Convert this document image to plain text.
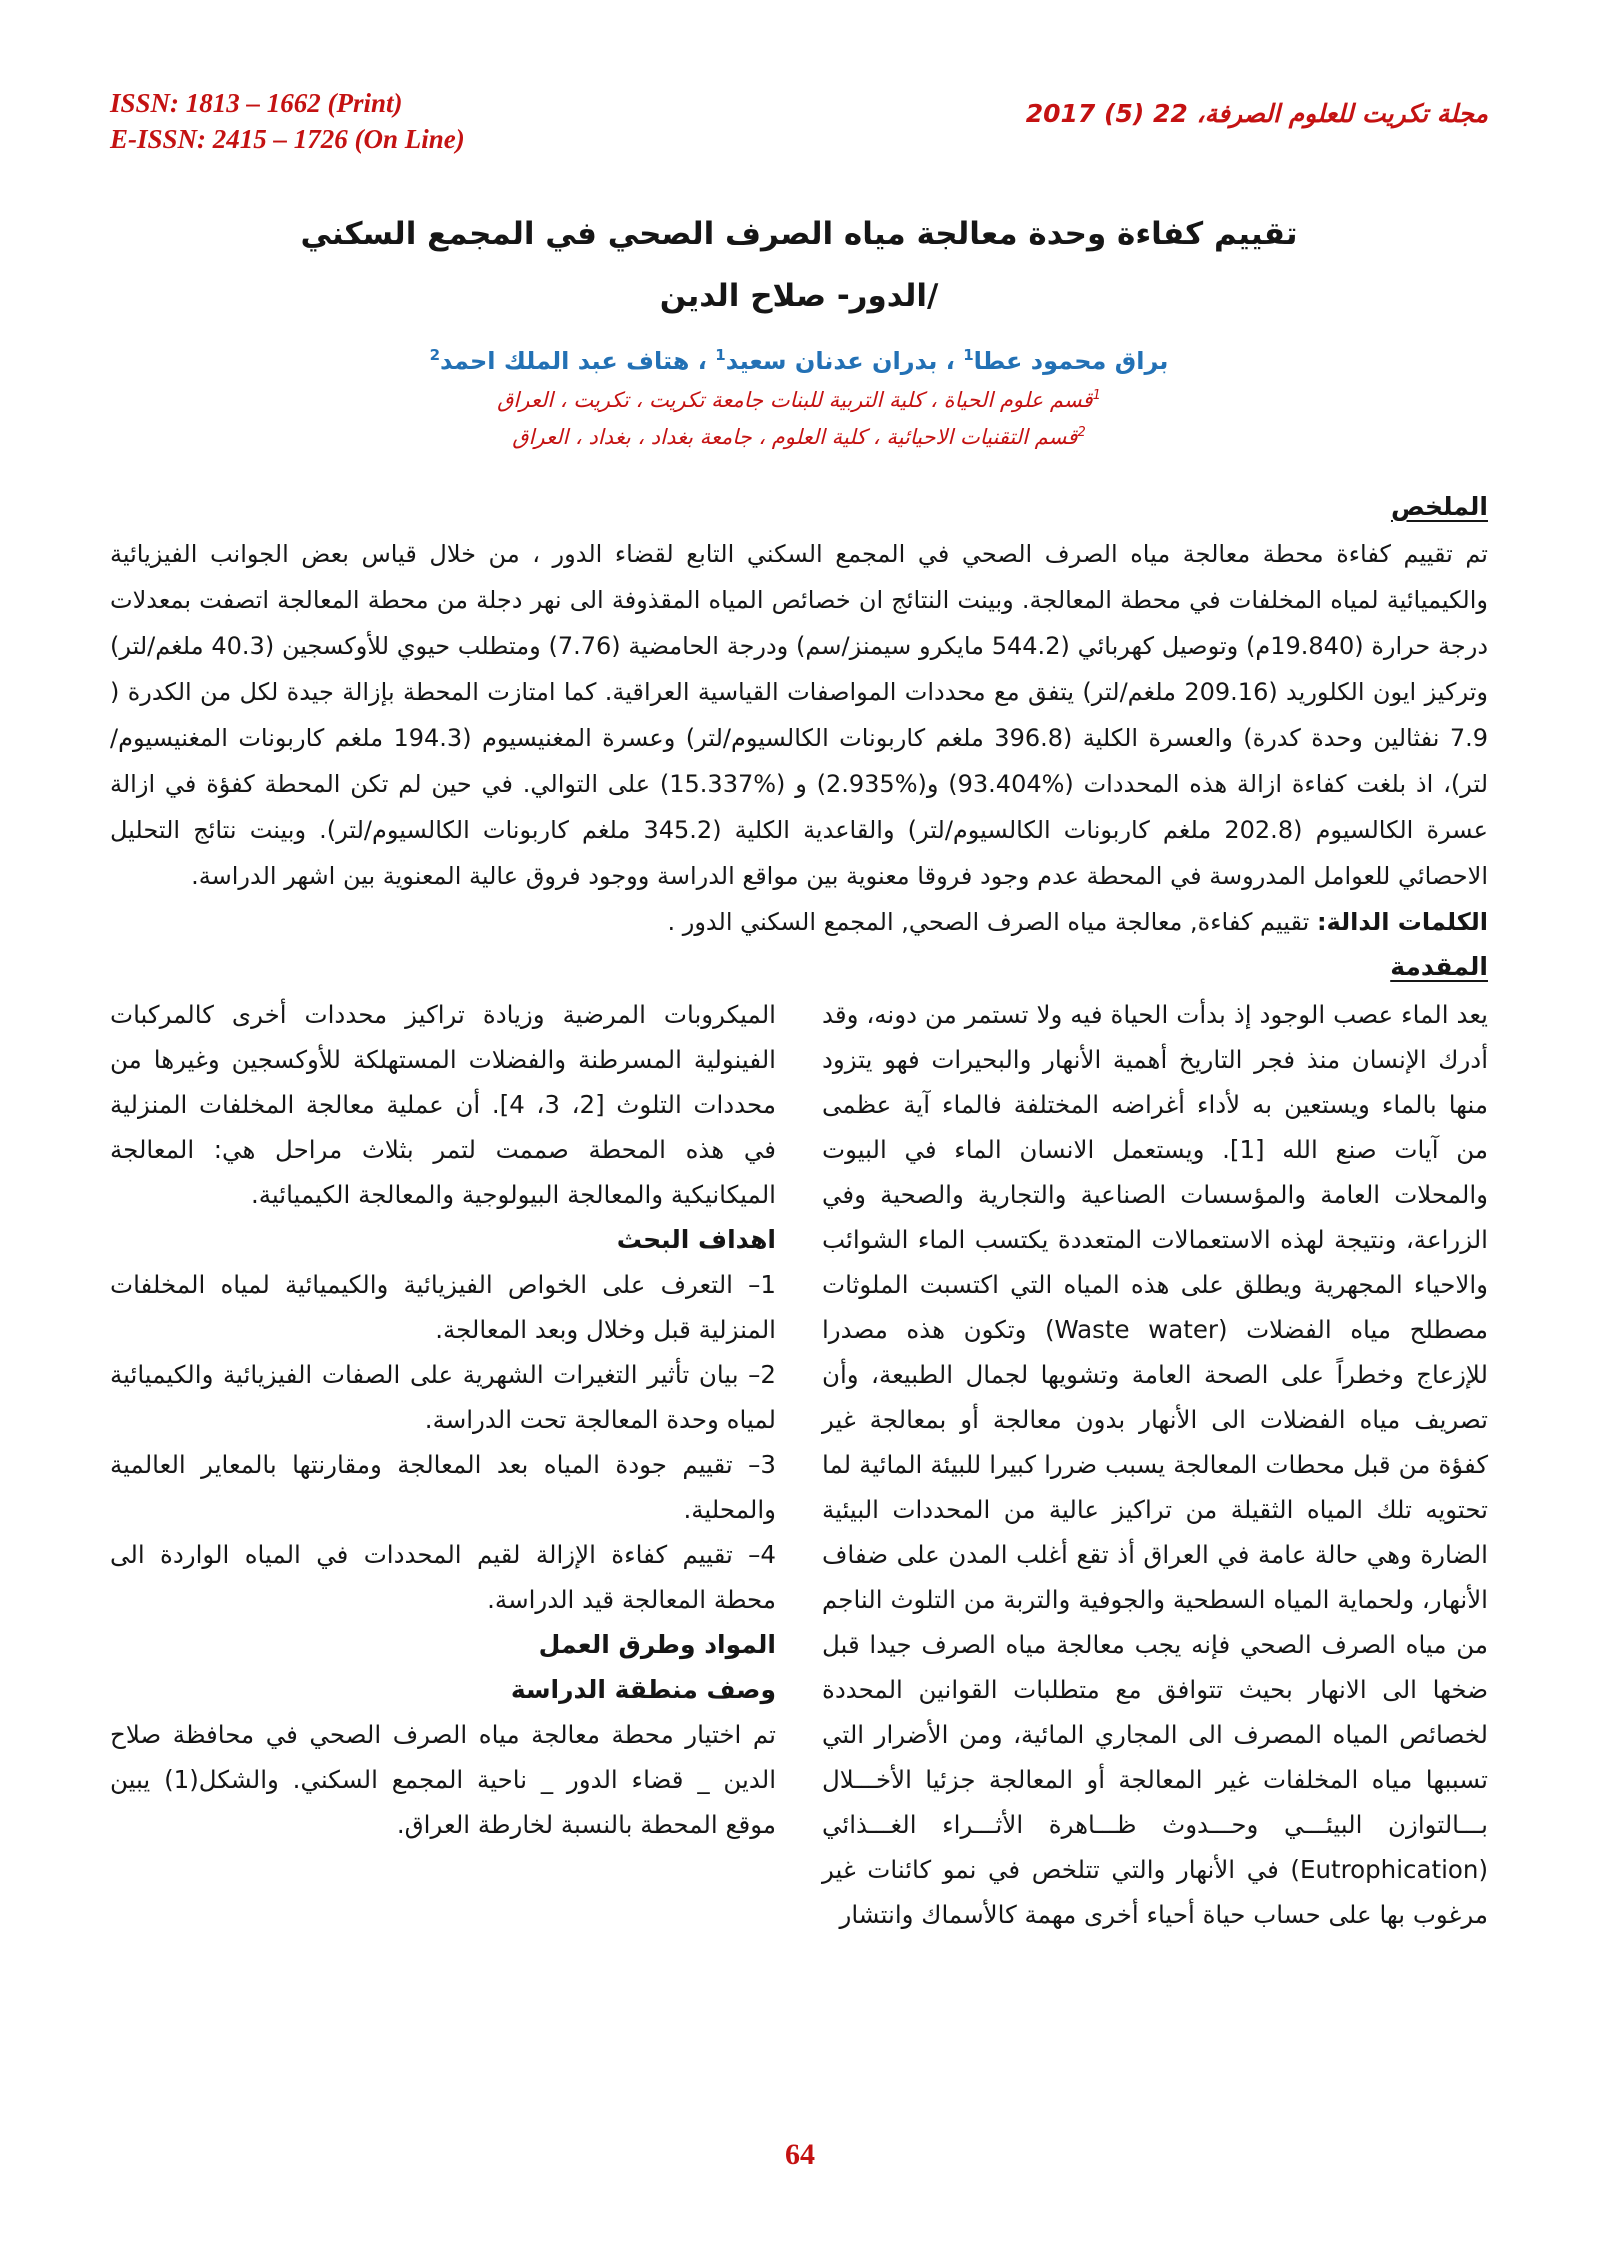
ISSN: 1813 – 1662 (Print)
E-ISSN: 2415 – 1726 (On Line)
مجلة تكريت للعلوم الصرفة، 22 (5) 2017
تقييم كفاءة وحدة معالجة مياه الصرف الصحي في المجمع السكني
/الدور- صلاح الدين
براق محمود عطا$^1$ ، بدران عدنان سعيد$^1$ ، هتاف عبد الملك احمد$^2$
$^1$قسم علوم الحياة ، كلية التربية للبنات جامعة تكريت ، تكريت ، العراق
$^2$قسم التقنيات الاحيائية ، كلية العلوم ، جامعة بغداد ، بغداد ، العراق
الملخص
تم تقييم كفاءة محطة معالجة مياه الصرف الصحي في المجمع السكني التابع لقضاء الدور ، من خلال قياس بعض الجوانب الفيزيائية والكيميائية لمياه المخلفات في محطة المعالجة. وبينت النتائج ان خصائص المياه المقذوفة الى نهر دجلة من محطة المعالجة اتصفت بمعدلات درجة حرارة (19.840م) وتوصيل كهربائي (544.2 مايكرو سيمنز/سم) ودرجة الحامضية (7.76) ومتطلب حيوي للأوكسجين (40.3 ملغم/لتر) وتركيز ايون الكلوريد (209.16 ملغم/لتر) يتفق مع محددات المواصفات القياسية العراقية. كما امتازت المحطة بإزالة جيدة لكل من الكدرة ( 7.9 نفثالين وحدة كدرة) والعسرة الكلية (396.8 ملغم كاربونات الكالسيوم/لتر) وعسرة المغنيسيوم (194.3 ملغم كاربونات المغنيسيوم/لتر)، اذ بلغت كفاءة ازالة هذه المحددات (%93.404) و(%2.935) و (%15.337) على التوالي. في حين لم تكن المحطة كفؤة في ازالة عسرة الكالسيوم (202.8 ملغم كاربونات الكالسيوم/لتر) والقاعدية الكلية (345.2 ملغم كاربونات الكالسيوم/لتر). وبينت نتائج التحليل الاحصائي للعوامل المدروسة في المحطة عدم وجود فروقا معنوية بين مواقع الدراسة ووجود فروق عالية المعنوية بين اشهر الدراسة.
الكلمات الدالة: تقييم كفاءة, معالجة مياه الصرف الصحي, المجمع السكني الدور .
المقدمة

يعد الماء عصب الوجود إذ بدأت الحياة فيه ولا تستمر من دونه، وقد أدرك الإنسان منذ فجر التاريخ أهمية الأنهار والبحيرات فهو يتزود منها بالماء ويستعين به لأداء أغراضه المختلفة فالماء آية عظمى من آيات صنع الله [1]. ويستعمل الانسان الماء في البيوت والمحلات العامة والمؤسسات الصناعية والتجارية والصحية وفي الزراعة، ونتيجة لهذه الاستعمالات المتعددة يكتسب الماء الشوائب والاحياء المجهرية ويطلق على هذه المياه التي اكتسبت الملوثات مصطلح مياه الفضلات (Waste water) وتكون هذه مصدرا للإزعاج وخطراً على الصحة العامة وتشويها لجمال الطبيعة، وأن تصريف مياه الفضلات الى الأنهار بدون معالجة أو بمعالجة غير كفؤة من قبل محطات المعالجة يسبب ضررا كبيرا للبيئة المائية لما تحتويه تلك المياه الثقيلة من تراكيز عالية من المحددات البيئية الضارة وهي حالة عامة في العراق أذ تقع أغلب المدن على ضفاف الأنهار، ولحماية المياه السطحية والجوفية والتربة من التلوث الناجم من مياه الصرف الصحي فإنه يجب معالجة مياه الصرف جيدا قبل ضخها الى الانهار بحيث تتوافق مع متطلبات القوانين المحددة لخصائص المياه المصرف الى المجاري المائية، ومن الأضرار التي تسببها مياه المخلفات غير المعالجة أو المعالجة جزئيا الأخـــلال بـــالتوازن البيئـــي وحـــدوث ظـــاهرة الأثـــراء الغـــذائي (Eutrophication) في الأنهار والتي تتلخص في نمو كائنات غير مرغوب بها على حساب حياة أحياء أخرى مهمة كالأسماك وانتشار

الميكروبات المرضية وزيادة تراكيز محددات أخرى كالمركبات الفينولية المسرطنة والفضلات المستهلكة للأوكسجين وغيرها من محددات التلوث [2، 3، 4]. أن عملية معالجة المخلفات المنزلية في هذه المحطة صممت لتمر بثلاث مراحل هي: المعالجة الميكانيكية والمعالجة البيولوجية والمعالجة الكيميائية.

اهداف البحث

1– التعرف على الخواص الفيزيائية والكيميائية لمياه المخلفات المنزلية قبل وخلال وبعد المعالجة.

2– بيان تأثير التغيرات الشهرية على الصفات الفيزيائية والكيميائية لمياه وحدة المعالجة تحت الدراسة.

3– تقييم جودة المياه بعد المعالجة ومقارنتها بالمعاير العالمية والمحلية.

4– تقييم كفاءة الإزالة لقيم المحددات في المياه الواردة الى محطة المعالجة قيد الدراسة.

المواد وطرق العمل

وصف منطقة الدراسة

تم اختيار محطة معالجة مياه الصرف الصحي في محافظة صلاح الدين _ قضاء الدور _ ناحية المجمع السكني. والشكل(1) يبين موقع المحطة بالنسبة لخارطة العراق.

64
